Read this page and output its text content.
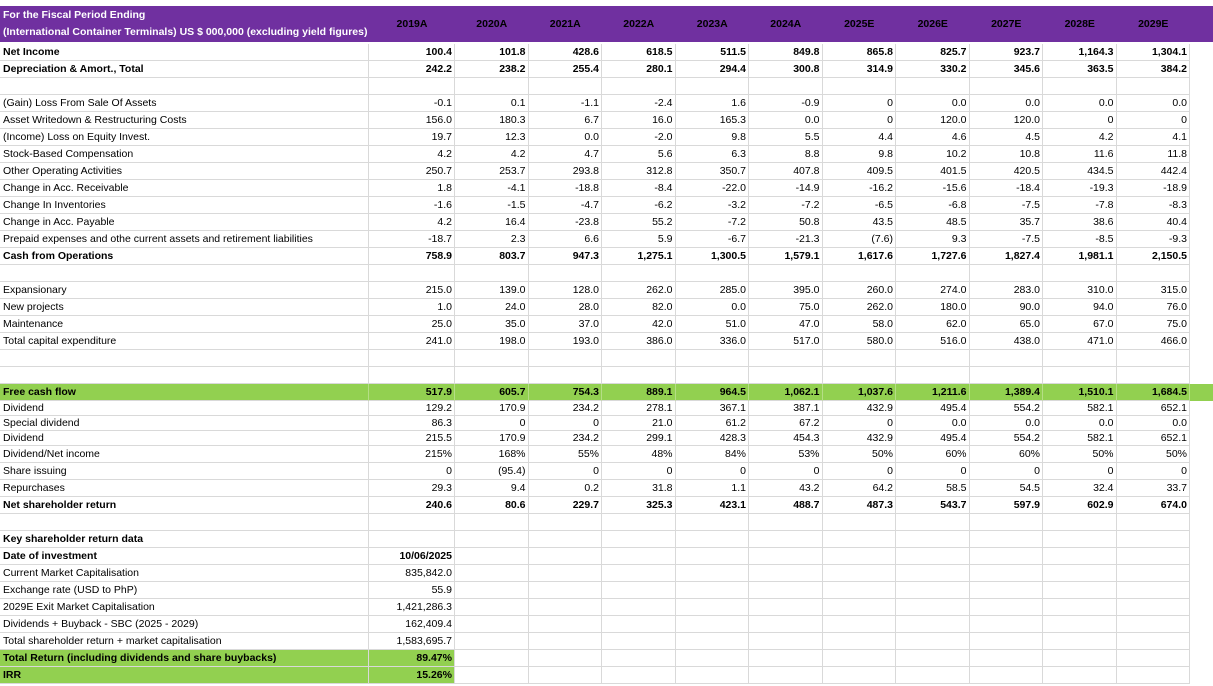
For the Fiscal Period Ending
(International Container Terminals) US $ 000,000 (excluding yield figures)
2019A	2020A	2021A	2022A	2023A	2024A	2025E	2026E	2027E	2028E	2029E
Net Income	100.4	101.8	428.6	618.5	511.5	849.8	865.8	825.7	923.7	1,164.3	1,304.1
Depreciation & Amort., Total	242.2	238.2	255.4	280.1	294.4	300.8	314.9	330.2	345.6	363.5	384.2
(Gain) Loss From Sale Of Assets	-0.1	0.1	-1.1	-2.4	1.6	-0.9	0	0.0	0.0	0.0	0.0
Asset Writedown & Restructuring Costs	156.0	180.3	6.7	16.0	165.3	0.0	0	120.0	120.0	0	0
(Income) Loss on Equity Invest.	19.7	12.3	0.0	-2.0	9.8	5.5	4.4	4.6	4.5	4.2	4.1
Stock-Based Compensation	4.2	4.2	4.7	5.6	6.3	8.8	9.8	10.2	10.8	11.6	11.8
Other Operating Activities	250.7	253.7	293.8	312.8	350.7	407.8	409.5	401.5	420.5	434.5	442.4
Change in Acc. Receivable	1.8	-4.1	-18.8	-8.4	-22.0	-14.9	-16.2	-15.6	-18.4	-19.3	-18.9
Change In Inventories	-1.6	-1.5	-4.7	-6.2	-3.2	-7.2	-6.5	-6.8	-7.5	-7.8	-8.3
Change in Acc. Payable	4.2	16.4	-23.8	55.2	-7.2	50.8	43.5	48.5	35.7	38.6	40.4
Prepaid expenses and othe current assets and retirement liabilities	-18.7	2.3	6.6	5.9	-6.7	-21.3	(7.6)	9.3	-7.5	-8.5	-9.3
Cash from Operations	758.9	803.7	947.3	1,275.1	1,300.5	1,579.1	1,617.6	1,727.6	1,827.4	1,981.1	2,150.5
Expansionary	215.0	139.0	128.0	262.0	285.0	395.0	260.0	274.0	283.0	310.0	315.0
New projects	1.0	24.0	28.0	82.0	0.0	75.0	262.0	180.0	90.0	94.0	76.0
Maintenance	25.0	35.0	37.0	42.0	51.0	47.0	58.0	62.0	65.0	67.0	75.0
Total capital expenditure	241.0	198.0	193.0	386.0	336.0	517.0	580.0	516.0	438.0	471.0	466.0
Free cash flow	517.9	605.7	754.3	889.1	964.5	1,062.1	1,037.6	1,211.6	1,389.4	1,510.1	1,684.5
Dividend	129.2	170.9	234.2	278.1	367.1	387.1	432.9	495.4	554.2	582.1	652.1
Special dividend	86.3	0	0	21.0	61.2	67.2	0	0.0	0.0	0.0	0.0
Dividend	215.5	170.9	234.2	299.1	428.3	454.3	432.9	495.4	554.2	582.1	652.1
Dividend/Net income	215%	168%	55%	48%	84%	53%	50%	60%	60%	50%	50%
Share issuing	0	(95.4)	0	0	0	0	0	0	0	0	0
Repurchases	29.3	9.4	0.2	31.8	1.1	43.2	64.2	58.5	54.5	32.4	33.7
Net shareholder return	240.6	80.6	229.7	325.3	423.1	488.7	487.3	543.7	597.9	602.9	674.0
Key shareholder return data
Date of investment	10/06/2025
Current Market Capitalisation	835,842.0
Exchange rate (USD to PhP)	55.9
2029E Exit Market Capitalisation	1,421,286.3
Dividends + Buyback - SBC (2025 - 2029)	162,409.4
Total shareholder return + market capitalisation	1,583,695.7
Total Return (including dividends and share buybacks)	89.47%
IRR	15.26%
